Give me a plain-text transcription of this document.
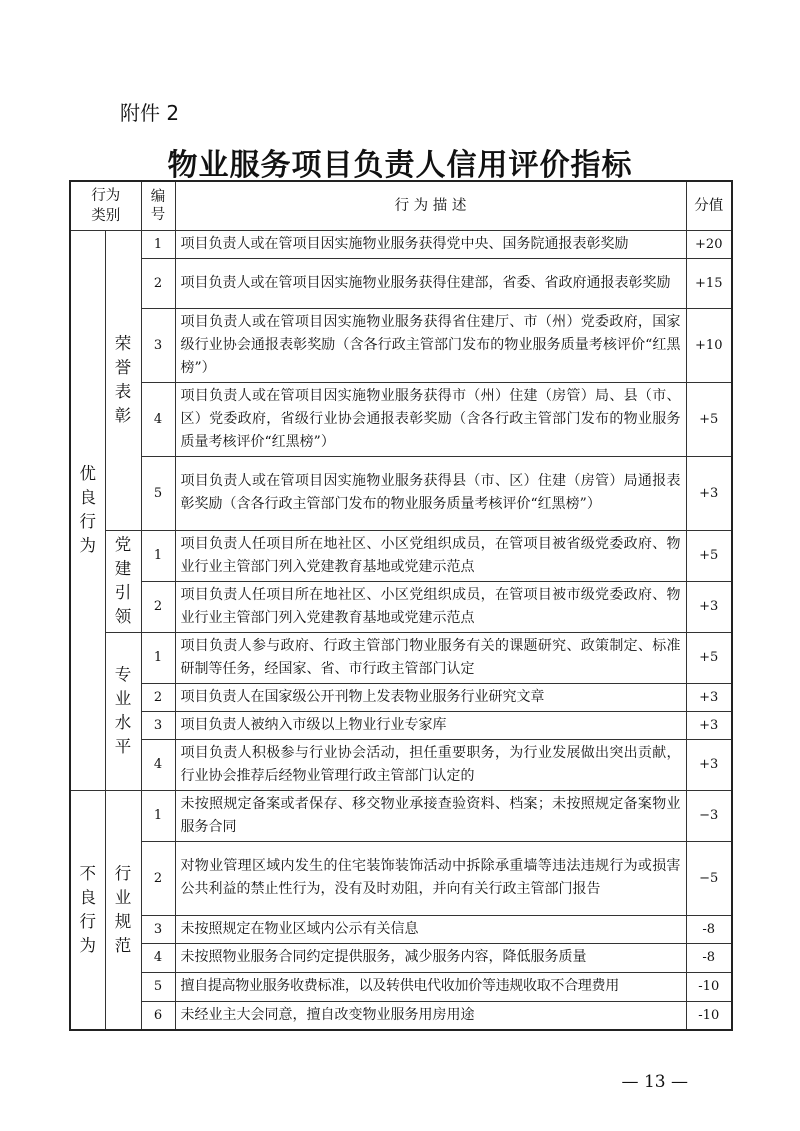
附件 2
物业服务项目负责人信用评价指标
行为类别		编号	行 为 描 述	分值

优良行为	荣誉表彰	1	项目负责人或在管项目因实施物业服务获得党中央、国务院通报表彰奖励	+20
		2	项目负责人或在管项目因实施物业服务获得住建部，省委、省政府通报表彰奖励	+15
		3	项目负责人或在管项目因实施物业服务获得省住建厅、市（州）党委政府，国家级行业协会通报表彰奖励（含各行政主管部门发布的物业服务质量考核评价“红黑榜”）	+10
		4	项目负责人或在管项目因实施物业服务获得市（州）住建（房管）局、县（市、区）党委政府，省级行业协会通报表彰奖励（含各行政主管部门发布的物业服务质量考核评价“红黑榜”）	+5
		5	项目负责人或在管项目因实施物业服务获得县（市、区）住建（房管）局通报表彰奖励（含各行政主管部门发布的物业服务质量考核评价“红黑榜”）	+3

	党建引领	1	项目负责人任项目所在地社区、小区党组织成员，在管项目被省级党委政府、物业行业主管部门列入党建教育基地或党建示范点	+5
		2	项目负责人任项目所在地社区、小区党组织成员，在管项目被市级党委政府、物业行业主管部门列入党建教育基地或党建示范点	+3

	专业水平	1	项目负责人参与政府、行政主管部门物业服务有关的课题研究、政策制定、标准研制等任务，经国家、省、市行政主管部门认定	+5
		2	项目负责人在国家级公开刊物上发表物业服务行业研究文章	+3
		3	项目负责人被纳入市级以上物业行业专家库	+3
		4	项目负责人积极参与行业协会活动，担任重要职务，为行业发展做出突出贡献，行业协会推荐后经物业管理行政主管部门认定的	+3

不良行为	行业规范	1	未按照规定备案或者保存、移交物业承接查验资料、档案；未按照规定备案物业服务合同	−3
		2	对物业管理区域内发生的住宅装饰装饰活动中拆除承重墙等违法违规行为或损害公共利益的禁止性行为，没有及时劝阻，并向有关行政主管部门报告	−5
		3	未按照规定在物业区域内公示有关信息	-8
		4	未按照物业服务合同约定提供服务，减少服务内容，降低服务质量	-8
		5	擅自提高物业服务收费标准，以及转供电代收加价等违规收取不合理费用	-10
		6	未经业主大会同意，擅自改变物业服务用房用途	-10
— 13 —
